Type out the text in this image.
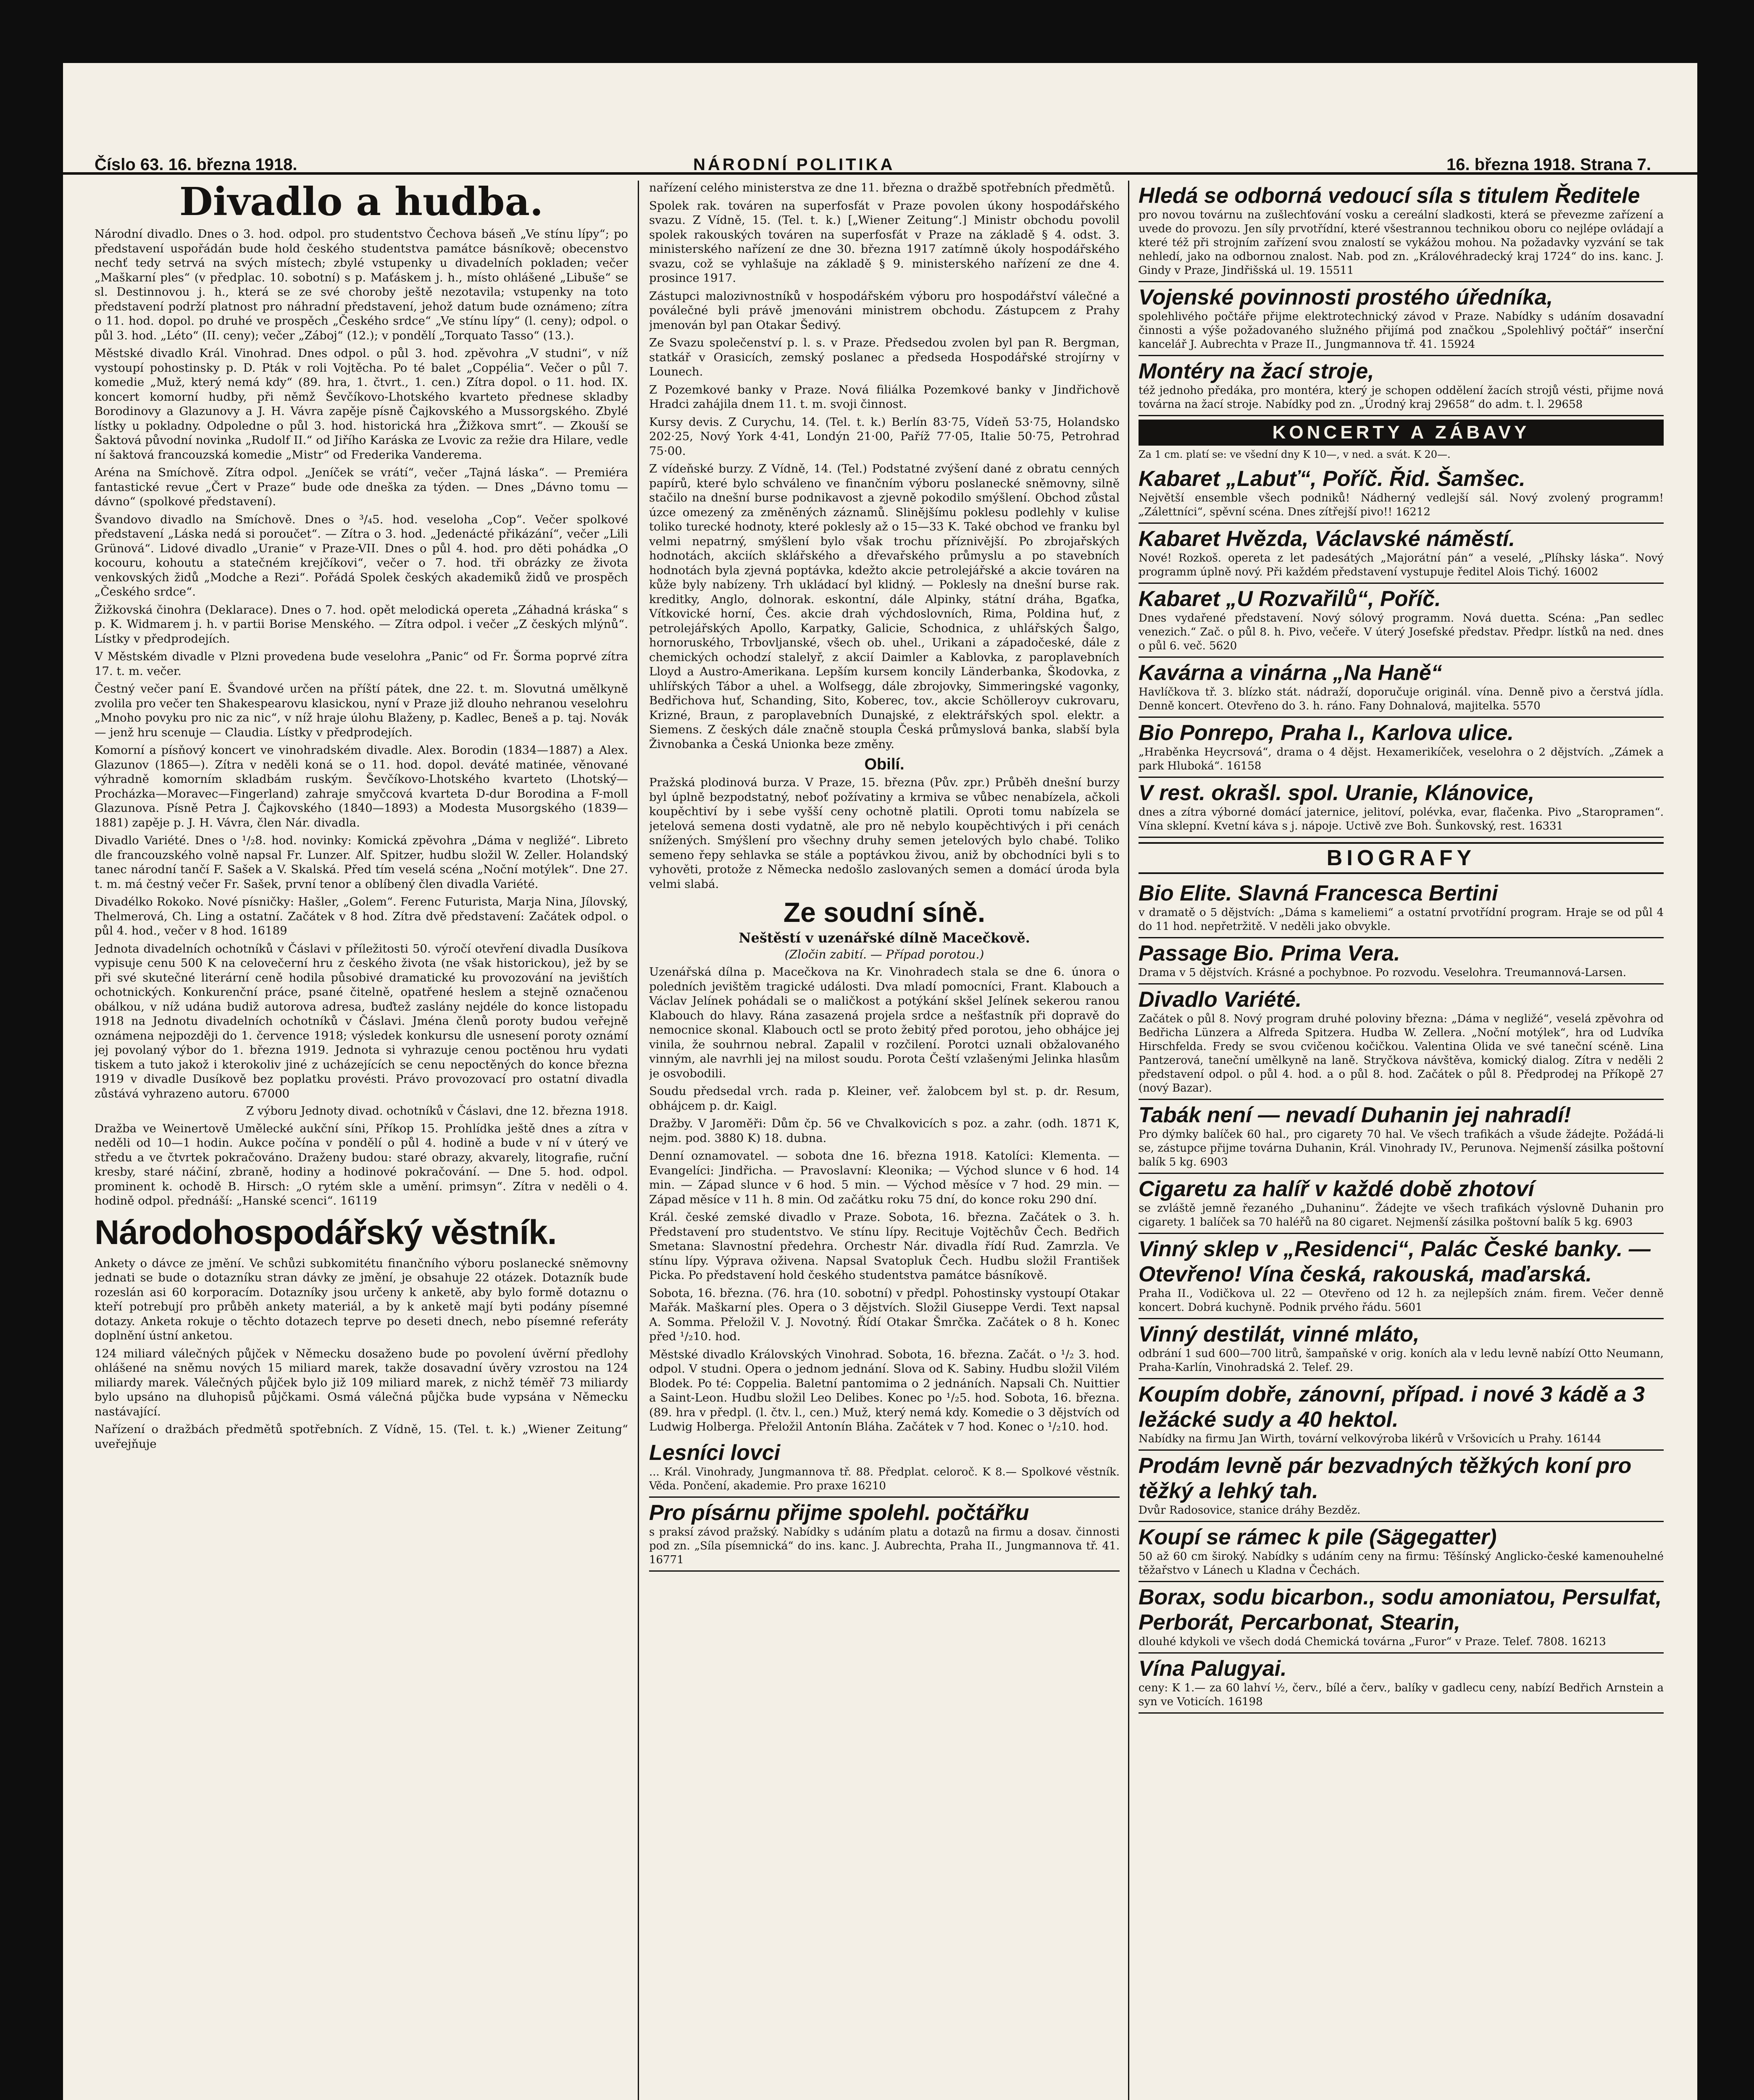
Číslo 63. 16. března 1918.	NÁRODNÍ POLITIKA	16. března 1918. Strana 7.
Divadlo a hudba.

Národní divadlo. Dnes o 3. hod. odpol. pro studentstvo Čechova báseň „Ve stínu lípy“; po představení uspořádán bude hold českého studentstva památce básníkově; obecenstvo nechť tedy setrvá na svých místech; zbylé vstupenky u divadelních pokladen; večer „Maškarní ples“ (v předplac. 10. sobotní) s p. Maťáskem j. h., místo ohlášené „Libuše“ se sl. Destinnovou j. h., která se ze své choroby ještě nezotavila; vstupenky na toto představení podrží platnost pro náhradní představení, jehož datum bude oznámeno; zítra o 11. hod. dopol. po druhé ve prospěch „Českého srdce“ „Ve stínu lípy“ (l. ceny); odpol. o půl 3. hod. „Léto“ (II. ceny); večer „Záboj“ (12.); v pondělí „Torquato Tasso“ (13.).

Městské divadlo Král. Vinohrad. Dnes odpol. o půl 3. hod. zpěvohra „V studni“, v níž vystoupí pohostinsky p. D. Pták v roli Vojtěcha. Po té balet „Coppélia“. Večer o půl 7. komedie „Muž, který nemá kdy“ (89. hra, 1. čtvrt., 1. cen.) Zítra dopol. o 11. hod. IX. koncert komorní hudby, při němž Ševčíkovo-Lhotského kvarteto přednese skladby Borodinovy a Glazunovy a J. H. Vávra zapěje písně Čajkovského a Mussorgského. Zbylé lístky u pokladny. Odpoledne o půl 3. hod. historická hra „Žižkova smrt“. — Zkouší se Šaktová původní novinka „Rudolf II.“ od Jiřího Karáska ze Lvovic za režie dra Hilare, vedle ní šaktová francouzská komedie „Mistr“ od Frederika Vanderema.

Aréna na Smíchově. Zítra odpol. „Jeníček se vrátí“, večer „Tajná láska“. — Premiéra fantastické revue „Čert v Praze“ bude ode dneška za týden. — Dnes „Dávno tomu — dávno“ (spolkové představení).

Švandovo divadlo na Smíchově. Dnes o ³/₄5. hod. veseloha „Cop“. Večer spolkové představení „Láska nedá si poroučet“. — Zítra o 3. hod. „Jedenácté přikázání“, večer „Lili Grünová“. Lidové divadlo „Uranie“ v Praze-VII. Dnes o půl 4. hod. pro děti pohádka „O kocouru, kohoutu a statečném krejčíkovi“, večer o 7. hod. tři obrázky ze života venkovských židů „Modche a Rezi“. Pořádá Spolek českých akademiků židů ve prospěch „Českého srdce“.

Žižkovská činohra (Deklarace). Dnes o 7. hod. opět melodická opereta „Záhadná kráska“ s p. K. Widmarem j. h. v partii Borise Menského. — Zítra odpol. i večer „Z českých mlýnů“. Lístky v předprodejích.

V Městském divadle v Plzni provedena bude veselohra „Panic“ od Fr. Šorma poprvé zítra 17. t. m. večer.

Čestný večer paní E. Švandové určen na příští pátek, dne 22. t. m. Slovutná umělkyně zvolila pro večer ten Shakespearovu klasickou, nyní v Praze již dlouho nehranou veselohru „Mnoho povyku pro nic za nic“, v níž hraje úlohu Blaženy, p. Kadlec, Beneš a p. taj. Novák — jenž hru scenuje — Claudia. Lístky v předprodejích.

Komorní a písňový koncert ve vinohradském divadle. Alex. Borodin (1834—1887) a Alex. Glazunov (1865—). Zítra v neděli koná se o 11. hod. dopol. deváté matinée, věnované výhradně komorním skladbám ruským. Ševčíkovo-Lhotského kvarteto (Lhotský—Procházka—Moravec—Fingerland) zahraje smyčcová kvarteta D-dur Borodina a F-moll Glazunova. Písně Petra J. Čajkovského (1840—1893) a Modesta Musorgského (1839—1881) zapěje p. J. H. Vávra, člen Nár. divadla.

Divadlo Variété. Dnes o ¹/₂8. hod. novinky: Komická zpěvohra „Dáma v negližé“. Libreto dle francouzského volně napsal Fr. Lunzer. Alf. Spitzer, hudbu složil W. Zeller. Holandský tanec národní tančí F. Sašek a V. Skalská. Před tím veselá scéna „Noční motýlek“. Dne 27. t. m. má čestný večer Fr. Sašek, první tenor a oblíbený člen divadla Variété.

Divadélko Rokoko. Nové písničky: Hašler, „Golem“. Ferenc Futurista, Marja Nina, Jílovský, Thelmerová, Ch. Ling a ostatní. Začátek v 8 hod. Zítra dvě představení: Začátek odpol. o půl 4. hod., večer v 8 hod. 16189

Jednota divadelních ochotníků v Čáslavi v příležitosti 50. výročí otevření divadla Dusíkova vypisuje cenu 500 K na celovečerní hru z českého života (ne však historickou), jež by se při své skutečné literární ceně hodila působivé dramatické ku provozování na jevištích ochotnických. Konkurenční práce, psané čitelně, opatřené heslem a stejně označenou obálkou, v níž udána budiž autorova adresa, buďtež zaslány nejdéle do konce listopadu 1918 na Jednotu divadelních ochotníků v Čáslavi. Jména členů poroty budou veřejně oznámena nejpozději do 1. července 1918; výsledek konkursu dle usnesení poroty oznámí jej povolaný výbor do 1. března 1919. Jednota si vyhrazuje cenou poctěnou hru vydati tiskem a tuto jakož i kterokoliv jiné z ucházejících se cenu nepoctěných do konce března 1919 v divadle Dusíkově bez poplatku provésti. Právo provozovací pro ostatní divadla zůstává vyhrazeno autoru. 67000

Z výboru Jednoty divad. ochotníků v Čáslavi, dne 12. března 1918.

Dražba ve Weinertově Umělecké aukční síni, Příkop 15. Prohlídka ještě dnes a zítra v neděli od 10—1 hodin. Aukce počína v pondělí o půl 4. hodině a bude v ní v úterý ve středu a ve čtvrtek pokračováno. Draženy budou: staré obrazy, akvarely, litografie, ruční kresby, staré náčiní, zbraně, hodiny a hodinové pokračování. — Dne 5. hod. odpol. prominent k. ochodě B. Hirsch: „O rytém skle a umění. primsyn“. Zítra v neděli o 4. hodině odpol. přednáší: „Hanské scenci“. 16119

Národohospodářský věstník.

Ankety o dávce ze jmění. Ve schůzi subkomitétu finančního výboru poslanecké sněmovny jednati se bude o dotazníku stran dávky ze jmění, je obsahuje 22 otázek. Dotazník bude rozeslán asi 60 korporacím. Dotazníky jsou určeny k anketě, aby bylo formě dotaznu o kteří potrebují pro průběh ankety materiál, a by k anketě mají byti podány písemné dotazy. Anketa rokuje o těchto dotazech teprve po deseti dnech, nebo písemné referáty doplnění ústní anketou.

124 miliard válečných půjček v Německu dosaženo bude po povolení úvěrní předlohy ohlášené na sněmu nových 15 miliard marek, takže dosavadní úvěry vzrostou na 124 miliardy marek. Válečných půjček bylo již 109 miliard marek, z nichž téměř 73 miliardy bylo upsáno na dluhopisů půjčkami. Osmá válečná půjčka bude vypsána v Německu nastávající.

Nařízení o dražbách předmětů spotřebních. Z Vídně, 15. (Tel. t. k.) „Wiener Zeitung“ uveřejňuje

nařízení celého ministerstva ze dne 11. března o dražbě spotřebních předmětů.

Spolek rak. továren na superfosfát v Praze povolen úkony hospodářského svazu. Z Vídně, 15. (Tel. t. k.) [„Wiener Zeitung“.] Ministr obchodu povolil spolek rakouských továren na superfosfát v Praze na základě § 4. odst. 3. ministerského nařízení ze dne 30. března 1917 zatímně úkoly hospodářského svazu, což se vyhlašuje na základě § 9. ministerského nařízení ze dne 4. prosince 1917.

Zástupci malozivnostníků v hospodářském výboru pro hospodářství válečné a poválečné byli právě jmenováni ministrem obchodu. Zástupcem z Prahy jmenován byl pan Otakar Šedivý.

Ze Svazu společenství p. l. s. v Praze. Předsedou zvolen byl pan R. Bergman, statkář v Orasicích, zemský poslanec a předseda Hospodářské strojírny v Lounech.

Z Pozemkové banky v Praze. Nová filiálka Pozemkové banky v Jindřichově Hradci zahájila dnem 11. t. m. svoji činnost.

Kursy devis. Z Curychu, 14. (Tel. t. k.) Berlín 83·75, Vídeň 53·75, Holandsko 202·25, Nový York 4·41, Londýn 21·00, Paříž 77·05, Italie 50·75, Petrohrad 75·00.

Z vídeňské burzy. Z Vídně, 14. (Tel.) Podstatné zvýšení dané z obratu cenných papírů, které bylo schváleno ve finančním výboru poslanecké sněmovny, silně stačilo na dnešní burse podnikavost a zjevně pokodilo smýšlení. Obchod zůstal úzce omezený za změněných záznamů. Slinějšímu poklesu podlehly v kulise toliko turecké hodnoty, které poklesly až o 15—33 K. Také obchod ve franku byl velmi nepatrný, smýšlení bylo však trochu příznivější. Po zbrojařských hodnotách, akciích sklářského a dřevařského průmyslu a po stavebních hodnotách byla zjevná poptávka, kdežto akcie petrolejářské a akcie továren na kůže byly nabízeny. Trh ukládací byl klidný. — Poklesly na dnešní burse rak. kreditky, Anglo, dolnorak. eskontní, dále Alpinky, státní dráha, Bgaťka, Vítkovické horní, Čes. akcie drah výchdoslovních, Rima, Poldina huť, z petrolejářských Apollo, Karpatky, Galicie, Schodnica, z uhlářských Šalgo, hornoruského, Trbovljanské, všech ob. uhel., Urikani a západočeské, dále z chemických ochodzí stalelyř, z akcií Daimler a Kablovka, z paroplavebních Lloyd a Austro-Amerikana. Lepším kursem koncily Länderbanka, Škodovka, z uhlířských Tábor a uhel. a Wolfsegg, dále zbrojovky, Simmeringské vagonky, Bedřichova huť, Schanding, Sito, Koberec, tov., akcie Schölleroyv cukrovaru, Krizné, Braun, z paroplavebních Dunajské, z elektrářských spol. elektr. a Siemens. Z českých dále značně stoupla Česká průmyslová banka, slabší byla Živnobanka a Česká Unionka beze změny.

Obilí.

Pražská plodinová burza. V Praze, 15. března (Pův. zpr.) Průběh dnešní burzy byl úplně bezpodstatný, neboť požívatiny a krmiva se vůbec nenabízela, ačkoli koupěchtiví by i sebe vyšší ceny ochotně platili. Oproti tomu nabízela se jetelová semena dosti vydatně, ale pro ně nebylo koupěchtivých i při cenách snížených. Smýšlení pro všechny druhy semen jetelových bylo chabé. Toliko semeno řepy sehlavka se stále a poptávkou živou, aniž by obchodníci byli s to vyhověti, protože z Německa nedošlo zaslovaných semen a domácí úroda byla velmi slabá.

Ze soudní síně.
Neštěstí v uzenářské dílně Macečkově.
(Zločin zabití. — Případ porotou.)

Uzenářská dílna p. Macečkova na Kr. Vinohradech stala se dne 6. února o poledních jevištěm tragické události. Dva mladí pomocníci, Frant. Klabouch a Václav Jelínek pohádali se o maličkost a potýkání skšel Jelínek sekerou ranou Klabouch do hlavy. Rána zasazená projela srdce a nešťastník při dopravě do nemocnice skonal. Klabouch octl se proto žebitý před porotou, jeho obhájce jej vinila, že souhrnou nebral. Zapalil v rozčilení. Porotci uznali obžalovaného vinným, ale navrhli jej na milost soudu. Porota Čeští vzlašenými Jelinka hlasům je osvobodili.

Soudu předsedal vrch. rada p. Kleiner, veř. žalobcem byl st. p. dr. Resum, obhájcem p. dr. Kaigl.

Dražby. V Jaroměři: Dům čp. 56 ve Chvalkovicích s poz. a zahr. (odh. 1871 K, nejm. pod. 3880 K) 18. dubna.

Denní oznamovatel. — sobota dne 16. března 1918. Katolíci: Klementa. — Evangelíci: Jindřicha. — Pravoslavní: Kleonika; — Východ slunce v 6 hod. 14 min. — Západ slunce v 6 hod. 5 min. — Východ měsíce v 7 hod. 29 min. — Západ měsíce v 11 h. 8 min. Od začátku roku 75 dní, do konce roku 290 dní.

Král. české zemské divadlo v Praze. Sobota, 16. března. Začátek o 3. h. Představení pro studentstvo. Ve stínu lípy. Recituje Vojtěchův Čech. Bedřich Smetana: Slavnostní předehra. Orchestr Nár. divadla řídí Rud. Zamrzla. Ve stínu lípy. Výprava oživena. Napsal Svatopluk Čech. Hudbu složil František Picka. Po představení hold českého studentstva památce básníkově.

Sobota, 16. března. (76. hra (10. sobotní) v předpl. Pohostinsky vystoupí Otakar Mařák. Maškarní ples. Opera o 3 dějstvích. Složil Giuseppe Verdi. Text napsal A. Somma. Přeložil V. J. Novotný. Řídí Otakar Šmrčka. Začátek o 8 h. Konec před ¹/₂10. hod.

Městské divadlo Královských Vinohrad. Sobota, 16. března. Začát. o ¹/₂ 3. hod. odpol. V studni. Opera o jednom jednání. Slova od K. Sabiny. Hudbu složil Vilém Blodek. Po té: Coppelia. Baletní pantomima o 2 jednáních. Napsali Ch. Nuittier a Saint-Leon. Hudbu složil Leo Delibes. Konec po ¹/₂5. hod. Sobota, 16. března. (89. hra v předpl. (l. čtv. l., cen.) Muž, který nemá kdy. Komedie o 3 dějstvích od Ludwig Holberga. Přeložil Antonín Bláha. Začátek v 7 hod. Konec o ¹/₂10. hod.

Lesníci lovci

... Král. Vinohrady, Jungmannova tř. 88. Předplat. celoroč. K 8.— Spolkové věstník. Věda. Pončení, akademie. Pro praxe 16210

Pro písárnu přijme spolehl. počtářku

s praksí závod pražský. Nabídky s udáním platu a dotazů na firmu a dosav. činnosti pod zn. „Síla písemnická“ do ins. kanc. J. Aubrechta, Praha II., Jungmannova tř. 41. 16771

Hledá se odborná vedoucí síla s titulem Ředitele

pro novou továrnu na zušlechťování vosku a cereální sladkosti, která se převezme zařízení a uvede do provozu. Jen síly prvotřídní, které všestrannou technikou oboru co nejlépe ovládají a které též při strojním zařízení svou znalostí se vykážou mohou. Na požadavky vyzvání se tak nehledí, jako na odbornou znalost. Nab. pod zn. „Královéhradecký kraj 1724“ do ins. kanc. J. Gindy v Praze, Jindřišská ul. 19. 15511

Vojenské povinnosti prostého úředníka,

spolehlivého počtáře přijme elektrotechnický závod v Praze. Nabídky s udáním dosavadní činnosti a výše požadovaného služného přijímá pod značkou „Spolehlivý počtář“ inserční kancelář J. Aubrechta v Praze II., Jungmannova tř. 41. 15924

Montéry na žací stroje,

též jednoho předáka, pro montéra, který je schopen oddělení žacích strojů vésti, přijme nová továrna na žací stroje. Nabídky pod zn. „Úrodný kraj 29658“ do adm. t. l. 29658

KONCERTY A ZÁBAVY

Za 1 cm. platí se: ve všední dny K 10—, v ned. a svát. K 20—.

Kabaret „Labuť“, Poříč. Řid. Šamšec.

Největší ensemble všech podniků! Nádherný vedlejší sál. Nový zvolený programm! „Zálettníci“, spěvní scéna. Dnes zítřejší pivo!! 16212

Kabaret Hvězda, Václavské náměstí.

Nové! Rozkoš. opereta z let padesátých „Majorátní pán“ a veselé, „Plíhsky láska“. Nový programm úplně nový. Při každém představení vystupuje ředitel Alois Tichý. 16002

Kabaret „U Rozvařilů“, Poříč.

Dnes vydařené představení. Nový sólový programm. Nová duetta. Scéna: „Pan sedlec venezich.“ Zač. o půl 8. h. Pivo, večeře. V úterý Josefské představ. Předpr. lístků na ned. dnes o půl 6. več. 5620

Kavárna a vinárna „Na Haně“

Havlíčkova tř. 3. blízko stát. nádraží, doporučuje originál. vína. Denně pivo a čerstvá jídla. Denně koncert. Otevřeno do 3. h. ráno. Fany Dohnalová, majitelka. 5570

Bio Ponrepo, Praha I., Karlova ulice.

„Hraběnka Heycrsová“, drama o 4 dějst. Hexamerikíček, veselohra o 2 dějstvích. „Zámek a park Hluboká“. 16158

V rest. okrašl. spol. Uranie, Klánovice,

dnes a zítra výborné domácí jaternice, jelitoví, polévka, evar, flačenka. Pivo „Staropramen“. Vína sklepní. Kvetní káva s j. nápoje. Uctivě zve Boh. Šunkovský, rest. 16331

BIOGRAFY
Bio Elite. Slavná Francesca Bertini

v dramatě o 5 dějstvích: „Dáma s kameliemi“ a ostatní prvotřídní program. Hraje se od půl 4 do 11 hod. nepřetržitě. V neděli jako obvykle.

Passage Bio. Prima Vera.

Drama v 5 dějstvích. Krásné a pochybnoe. Po rozvodu. Veselohra. Treumannová-Larsen.

Divadlo Variété.

Začátek o půl 8. Nový program druhé poloviny března: „Dáma v negližé“, veselá zpěvohra od Bedřicha Lünzera a Alfreda Spitzera. Hudba W. Zellera. „Noční motýlek“, hra od Ludvíka Hirschfelda. Fredy se svou cvičenou kočičkou. Valentina Olida ve své taneční scéně. Lina Pantzerová, taneční umělkyně na laně. Stryčkova návštěva, komický dialog. Zítra v neděli 2 představení odpol. o půl 4. hod. a o půl 8. hod. Začátek o půl 8. Předprodej na Příkopě 27 (nový Bazar).

Tabák není — nevadí Duhanin jej nahradí!

Pro dýmky balíček 60 hal., pro cigarety 70 hal. Ve všech trafikách a všude žádejte. Požádá-li se, zástupce přijme továrna Duhanin, Král. Vinohrady IV., Perunova. Nejmenší zásilka poštovní balík 5 kg. 6903

Cigaretu za halíř v každé době zhotoví

se zvláště jemně řezaného „Duhaninu“. Žádejte ve všech trafikách výslovně Duhanin pro cigarety. 1 balíček sa 70 haléřů na 80 cigaret. Nejmenší zásilka poštovní balík 5 kg. 6903

Vinný sklep v „Residenci“, Palác České banky. — Otevřeno! Vína česká, rakouská, maďarská.

Praha II., Vodičkova ul. 22 — Otevřeno od 12 h. za nejlepších znám. firem. Večer denně koncert. Dobrá kuchyně. Podnik prvého řádu. 5601

Vinný destilát, vinné mláto,

odbrání 1 sud 600—700 litrů, šampaňské v orig. koních ala v ledu levně nabízí Otto Neumann, Praha-Karlín, Vinohradská 2. Telef. 29.

Koupím dobře, zánovní, případ. i nové 3 kádě a 3 ležácké sudy a 40 hektol.

Nabídky na firmu Jan Wirth, tovární velkovýroba likérů v Vršovicích u Prahy. 16144

Prodám levně pár bezvadných těžkých koní pro těžký a lehký tah.

Dvůr Radosovice, stanice dráhy Bezděz.

Koupí se rámec k pile (Sägegatter)

50 až 60 cm široký. Nabídky s udáním ceny na firmu: Těšínský Anglicko-české kamenouhelné těžařstvo v Lánech u Kladna v Čechách.

Borax, sodu bicarbon., sodu amoniatou, Persulfat, Perborát, Percarbonat, Stearin,

dlouhé kdykoli ve všech dodá Chemická továrna „Furor“ v Praze. Telef. 7808. 16213

Vína Palugyai.

ceny: K 1.— za 60 lahví ½, červ., bílé a červ., balíky v gadlecu ceny, nabízí Bedřich Arnstein a syn ve Voticích. 16198
